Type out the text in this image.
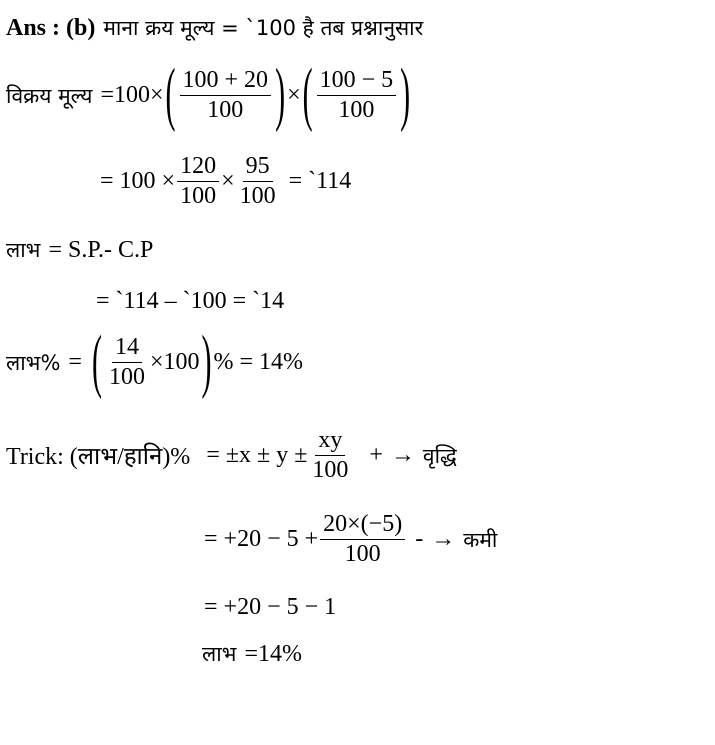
Ans : (b) माना क्रय मूल्य = `100 है तब प्रश्नानुसार
विक्रय मूल्य =100× ( $\frac{100 + 20}{100}$ ) × ( $\frac{100 - 5}{100}$ )
= $100 \times \frac{120}{100} \times \frac{95}{100}$ = `114
लाभ = S.P.- C.P
= `114 – `100 = `14
लाभ% = ( $\frac{14}{100} \times 100$ ) % = 14%
Trick: (लाभ/हानि)% = $\pm x \pm y \pm \frac{xy}{100}$ + → वृद्धि
= $+20 - 5 + \frac{20\times(-5)}{100}$ - → कमी
= +20 − 5 − 1
लाभ =14%
